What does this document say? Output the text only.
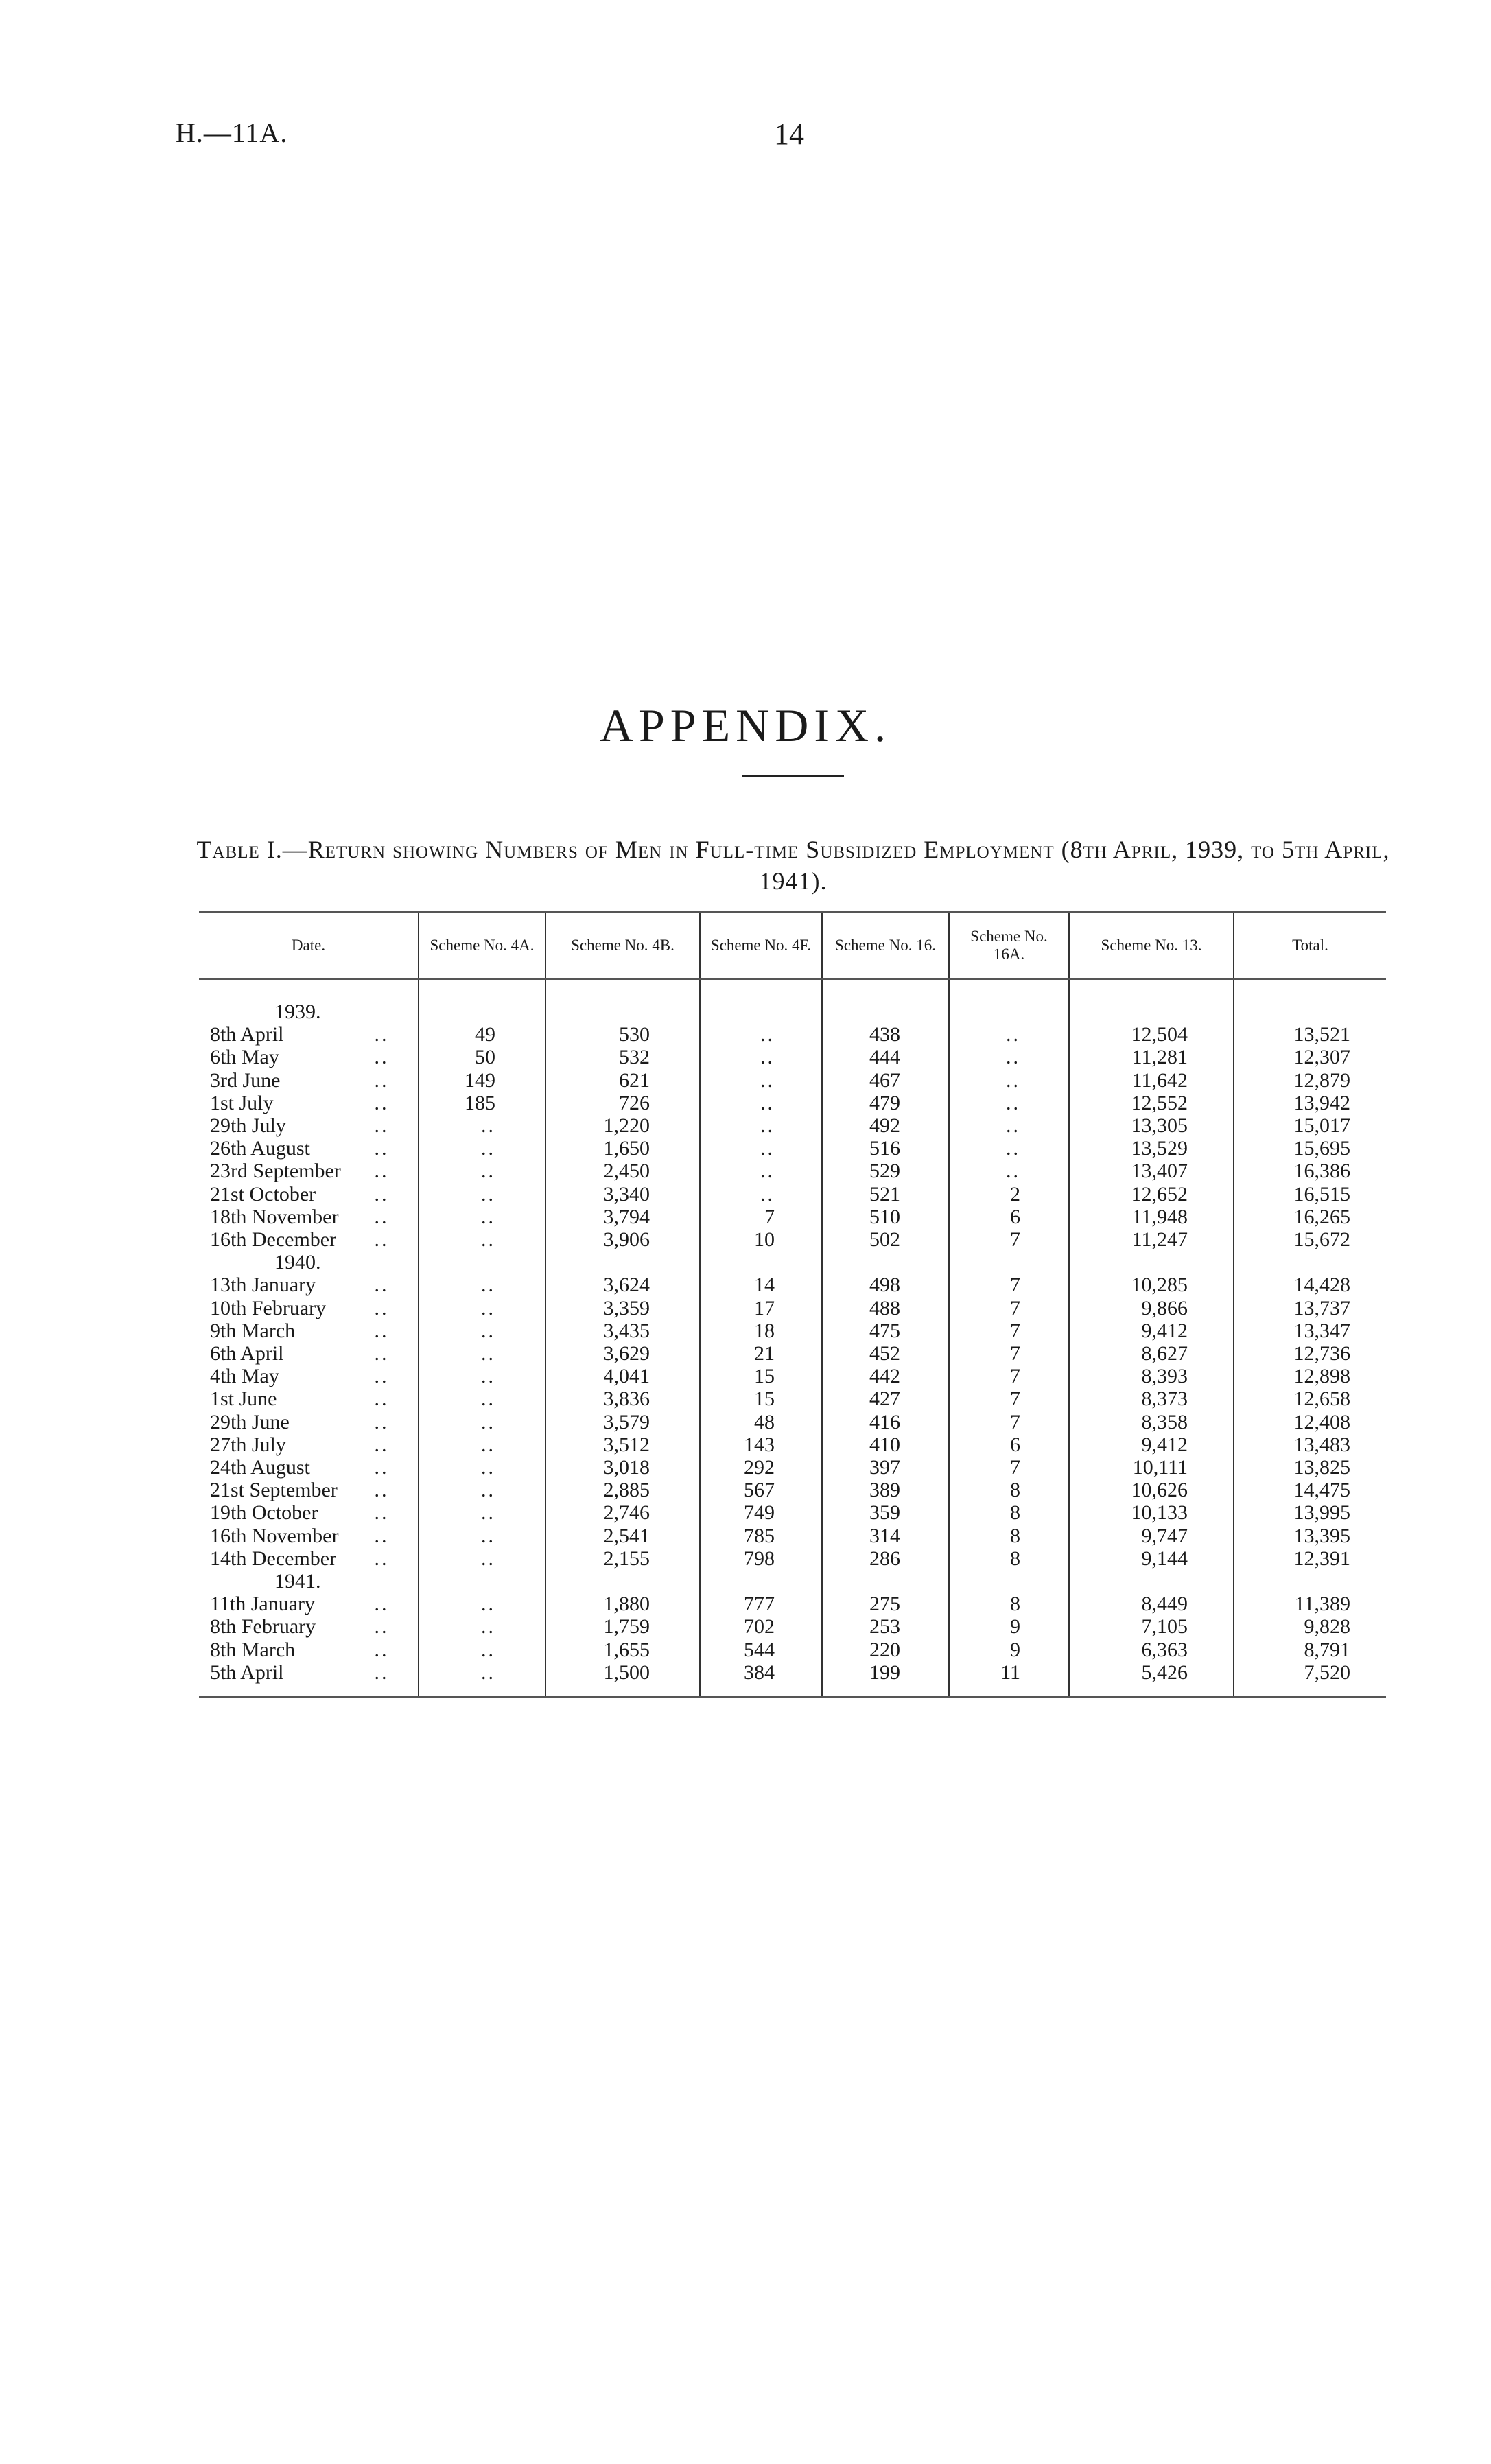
H.—11A.	14
APPENDIX.
Table I.—Return showing Numbers of Men in Full-time Subsidized Employment (8th April, 1939, to 5th April, 1941).
Date.	Scheme No. 4A.	Scheme No. 4B.	Scheme No. 4F.	Scheme No. 16.	Scheme No. 16A.	Scheme No. 13.	Total.

1939.							
8th April ..	49	530	..	438	..	12,504	13,521
6th May ..	50	532	..	444	..	11,281	12,307
3rd June ..	149	621	..	467	..	11,642	12,879
1st July ..	185	726	..	479	..	12,552	13,942
29th July ..	..	1,220	..	492	..	13,305	15,017
26th August ..	..	1,650	..	516	..	13,529	15,695
23rd September ..	..	2,450	..	529	..	13,407	16,386
21st October ..	..	3,340	..	521	2	12,652	16,515
18th November ..	..	3,794	7	510	6	11,948	16,265
16th December ..	..	3,906	10	502	7	11,247	15,672
1940.							
13th January ..	..	3,624	14	498	7	10,285	14,428
10th February ..	..	3,359	17	488	7	9,866	13,737
9th March ..	..	3,435	18	475	7	9,412	13,347
6th April ..	..	3,629	21	452	7	8,627	12,736
4th May ..	..	4,041	15	442	7	8,393	12,898
1st June ..	..	3,836	15	427	7	8,373	12,658
29th June ..	..	3,579	48	416	7	8,358	12,408
27th July ..	..	3,512	143	410	6	9,412	13,483
24th August ..	..	3,018	292	397	7	10,111	13,825
21st September ..	..	2,885	567	389	8	10,626	14,475
19th October ..	..	2,746	749	359	8	10,133	13,995
16th November ..	..	2,541	785	314	8	9,747	13,395
14th December ..	..	2,155	798	286	8	9,144	12,391
1941.							
11th January ..	..	1,880	777	275	8	8,449	11,389
8th February ..	..	1,759	702	253	9	7,105	9,828
8th March ..	..	1,655	544	220	9	6,363	8,791
5th April ..	..	1,500	384	199	11	5,426	7,520
